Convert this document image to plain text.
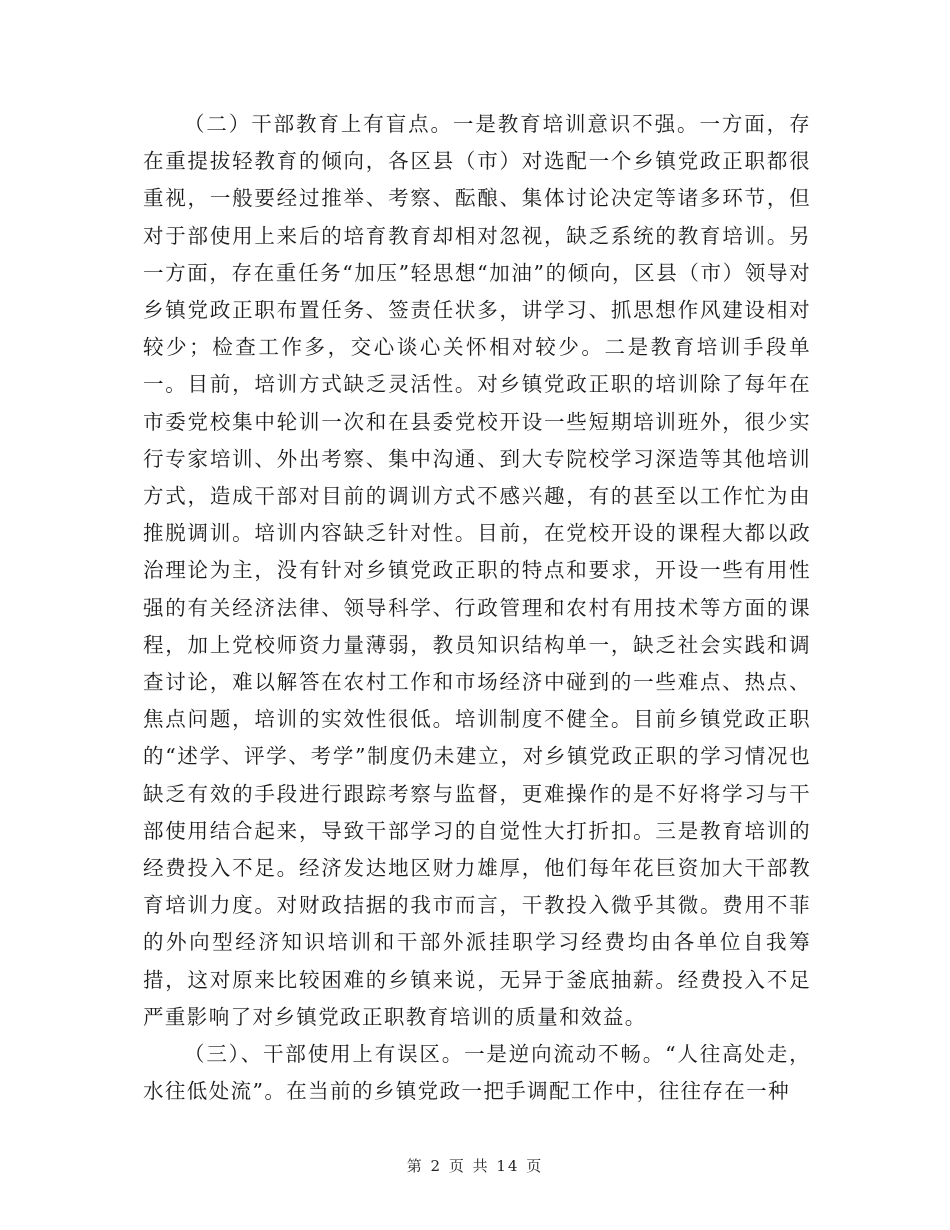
（二）干部教育上有盲点。一是教育培训意识不强。一方面，存在重提拔轻教育的倾向，各区县（市）对选配一个乡镇党政正职都很重视，一般要经过推举、考察、酝酿、集体讨论决定等诸多环节，但对于部使用上来后的培育教育却相对忽视，缺乏系统的教育培训。另一方面，存在重任务“加压”轻思想“加油”的倾向，区县（市）领导对乡镇党政正职布置任务、签责任状多，讲学习、抓思想作风建设相对较少；检查工作多，交心谈心关怀相对较少。二是教育培训手段单一。目前，培训方式缺乏灵活性。对乡镇党政正职的培训除了每年在市委党校集中轮训一次和在县委党校开设一些短期培训班外，很少实行专家培训、外出考察、集中沟通、到大专院校学习深造等其他培训方式，造成干部对目前的调训方式不感兴趣，有的甚至以工作忙为由推脱调训。培训内容缺乏针对性。目前，在党校开设的课程大都以政治理论为主，没有针对乡镇党政正职的特点和要求，开设一些有用性强的有关经济法律、领导科学、行政管理和农村有用技术等方面的课程，加上党校师资力量薄弱，教员知识结构单一，缺乏社会实践和调查讨论，难以解答在农村工作和市场经济中碰到的一些难点、热点、焦点问题，培训的实效性很低。培训制度不健全。目前乡镇党政正职的“述学、评学、考学”制度仍未建立，对乡镇党政正职的学习情况也缺乏有效的手段进行跟踪考察与监督，更难操作的是不好将学习与干部使用结合起来，导致干部学习的自觉性大打折扣。三是教育培训的经费投入不足。经济发达地区财力雄厚，他们每年花巨资加大干部教育培训力度。对财政拮据的我市而言，干教投入微乎其微。费用不菲的外向型经济知识培训和干部外派挂职学习经费均由各单位自我筹措，这对原来比较困难的乡镇来说，无异于釜底抽薪。经费投入不足严重影响了对乡镇党政正职教育培训的质量和效益。

（三）、干部使用上有误区。一是逆向流动不畅。“人往高处走，水往低处流”。在当前的乡镇党政一把手调配工作中，往往存在一种

第 2 页 共 14 页
